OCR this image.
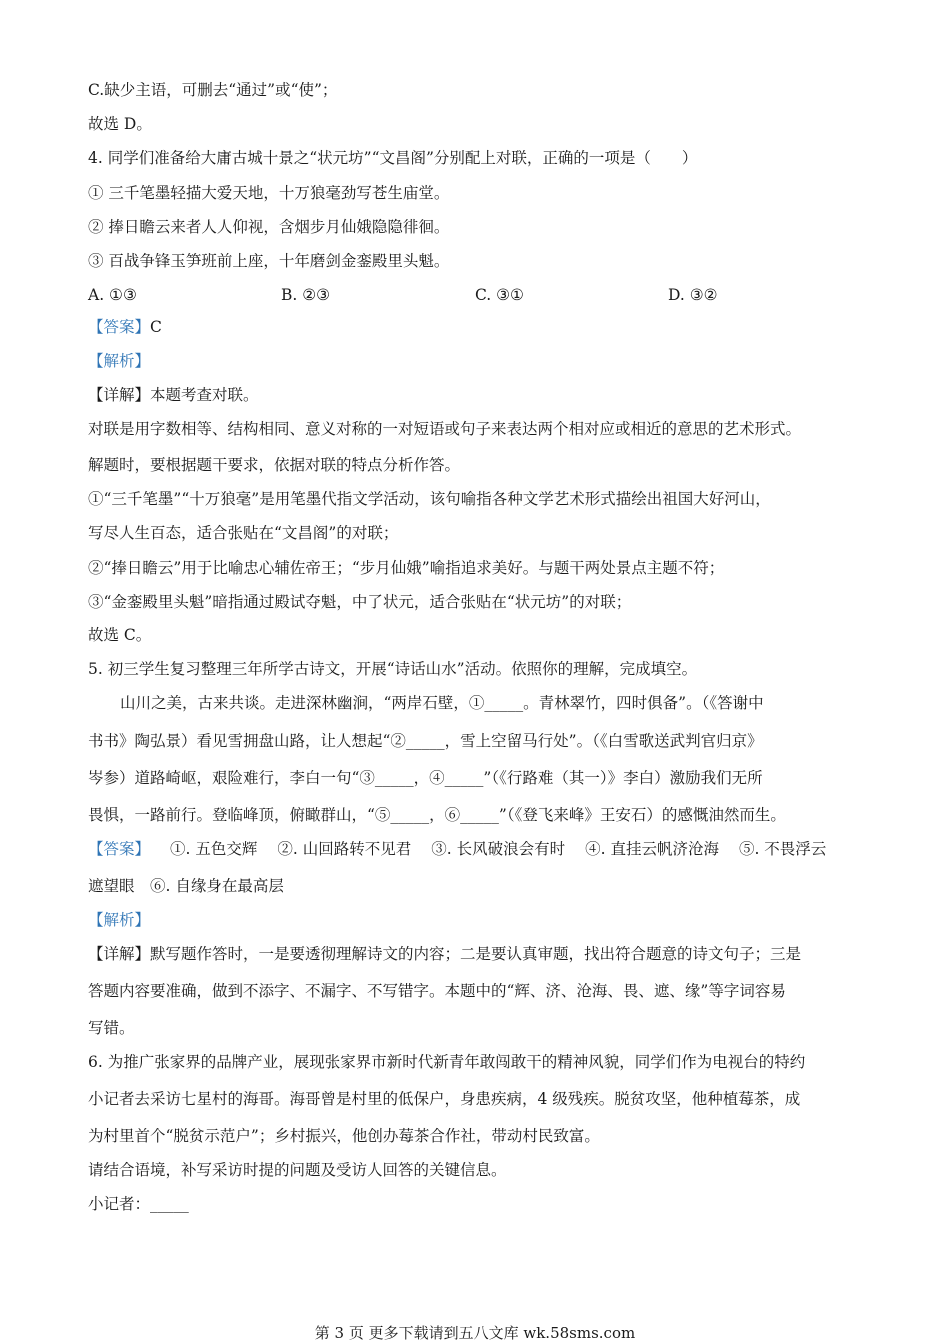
C.缺少主语，可删去“通过”或“使”；
故选 D。
4. 同学们准备给大庸古城十景之“状元坊”“文昌阁”分别配上对联，正确的一项是（　　）
① 三千笔墨轻描大爱天地，十万狼毫劲写苍生庙堂。
② 捧日瞻云来者人人仰视，含烟步月仙娥隐隐徘徊。
③ 百战争锋玉笋班前上座，十年磨剑金銮殿里头魁。
A. ①③	B. ②③	C. ③①	D. ③②
【答案】C
【解析】
【详解】本题考查对联。
对联是用字数相等、结构相同、意义对称的一对短语或句子来表达两个相对应或相近的意思的艺术形式。
解题时，要根据题干要求，依据对联的特点分析作答。
①“三千笔墨”“十万狼毫”是用笔墨代指文学活动，该句喻指各种文学艺术形式描绘出祖国大好河山，
写尽人生百态，适合张贴在“文昌阁”的对联；
②“捧日瞻云”用于比喻忠心辅佐帝王；“步月仙娥”喻指追求美好。与题干两处景点主题不符；
③“金銮殿里头魁”暗指通过殿试夺魁，中了状元，适合张贴在“状元坊”的对联；
故选 C。
5. 初三学生复习整理三年所学古诗文，开展“诗话山水”活动。依照你的理解，完成填空。
山川之美，古来共谈。走进深林幽涧，“两岸石壁，①_____。青林翠竹，四时俱备”。（《答谢中
书书》陶弘景）看见雪拥盘山路，让人想起“②_____，雪上空留马行处”。（《白雪歌送武判官归京》
岑参）道路崎岖，艰险难行，李白一句“③_____，④_____”（《行路难（其一）》李白）激励我们无所
畏惧，一路前行。登临峰顶，俯瞰群山，“⑤_____，⑥_____”（《登飞来峰》王安石）的感慨油然而生。
【答案】 ①. 五色交辉 ②. 山回路转不见君 ③. 长风破浪会有时 ④. 直挂云帆济沧海 ⑤. 不畏浮云
遮望眼　⑥. 自缘身在最高层
【解析】
【详解】默写题作答时，一是要透彻理解诗文的内容；二是要认真审题，找出符合题意的诗文句子；三是
答题内容要准确，做到不添字、不漏字、不写错字。本题中的“辉、济、沧海、畏、遮、缘”等字词容易
写错。
6. 为推广张家界的品牌产业，展现张家界市新时代新青年敢闯敢干的精神风貌，同学们作为电视台的特约
小记者去采访七星村的海哥。海哥曾是村里的低保户，身患疾病，4 级残疾。脱贫攻坚，他种植莓茶，成
为村里首个“脱贫示范户”；乡村振兴，他创办莓茶合作社，带动村民致富。
请结合语境，补写采访时提的问题及受访人回答的关键信息。
小记者：_____
第 3 页 更多下载请到五八文库 wk.58sms.com
